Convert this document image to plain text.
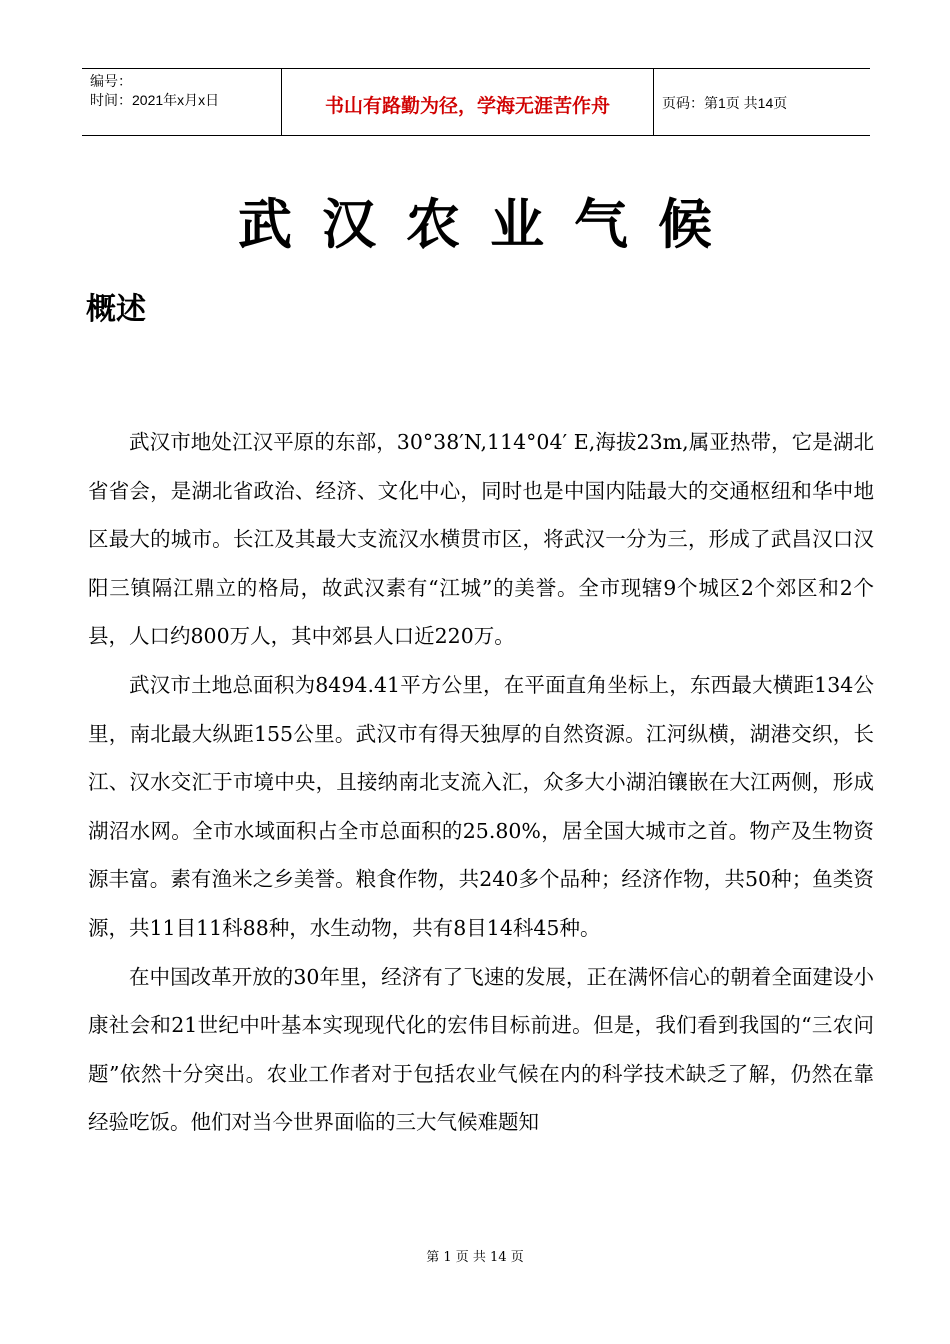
编号：
时间：2021年x月x日	书山有路勤为径，学海无涯苦作舟	页码：第1页 共14页
武汉农业气候
概述

武汉市地处江汉平原的东部，30°38′N,114°04′ E,海拔23m,属亚热带，它是湖北省省会，是湖北省政治、经济、文化中心，同时也是中国内陆最大的交通枢纽和华中地区最大的城市。长江及其最大支流汉水横贯市区，将武汉一分为三，形成了武昌汉口汉阳三镇隔江鼎立的格局，故武汉素有“江城”的美誉。全市现辖9个城区2个郊区和2个县，人口约800万人，其中郊县人口近220万。

武汉市土地总面积为8494.41平方公里，在平面直角坐标上，东西最大横距134公里，南北最大纵距155公里。武汉市有得天独厚的自然资源。江河纵横，湖港交织，长江、汉水交汇于市境中央，且接纳南北支流入汇，众多大小湖泊镶嵌在大江两侧，形成湖沼水网。全市水域面积占全市总面积的25.80%，居全国大城市之首。物产及生物资源丰富。素有渔米之乡美誉。粮食作物，共240多个品种；经济作物，共50种；鱼类资源，共11目11科88种，水生动物，共有8目14科45种。

在中国改革开放的30年里，经济有了飞速的发展，正在满怀信心的朝着全面建设小康社会和21世纪中叶基本实现现代化的宏伟目标前进。但是，我们看到我国的“三农问题”依然十分突出。农业工作者对于包括农业气候在内的科学技术缺乏了解，仍然在靠经验吃饭。他们对当今世界面临的三大气候难题知

第 1 页 共 14 页
